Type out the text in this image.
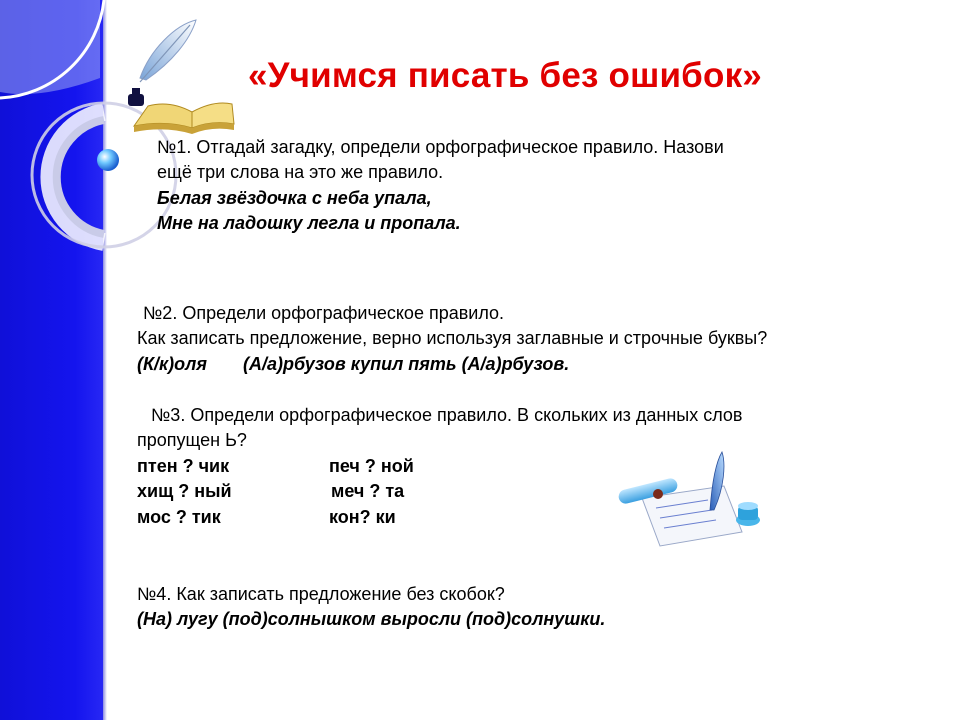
«Учимся писать без ошибок»
№1. Отгадай загадку, определи орфографическое правило. Назови
ещё три слова на это же правило.
Белая звёздочка с неба упала,
Мне на ладошку легла и пропала.
№2. Определи орфографическое правило.
Как записать предложение, верно используя заглавные и строчные буквы?
(К/к)оля (А/а)рбузов купил пять (А/а)рбузов.
№3. Определи орфографическое правило. В скольких из данных слов
пропущен Ь?
птен ? чик
хищ ? ный
мос ? тик
печ ? ной
меч ? та
кон? ки
№4. Как записать предложение без скобок?
(На) лугу (под)солнышком выросли (под)солнушки.
